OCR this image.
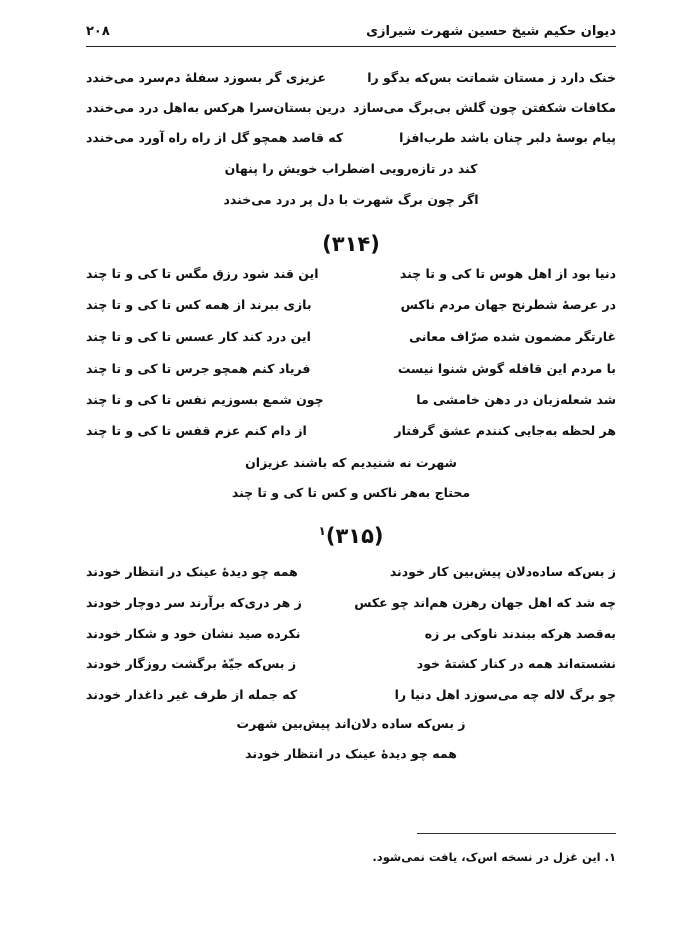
دیوان حکیم شیخ حسین شهرت شیرازی
۲۰۸
خنک دارد ز مستان شماتت بس‌که بدگو را
عزیزی گر بسوزد سفلهٔ دم‌سرد می‌خندد
مکافات شکفتن چون گلش بی‌برگ می‌سازد
درین بستان‌سرا هرکس به‌اهل درد می‌خندد
پیام بوسهٔ دلبر چنان باشد طرب‌افزا
که قاصد همچو گل از راه راه آورد می‌خندد
کند در تازه‌رویی اضطراب خویش را پنهان
اگر چون برگ شهرت با دل پر درد می‌خندد
(۳۱۴)
دنیا بود از اهل هوس تا کی و تا چند
این قند شود رزق مگس تا کی و تا چند
در عرصهٔ شطرنج جهان مردم ناکس
بازی ببرند از همه کس تا کی و تا چند
غارتگر مضمون شده صرّاف معانی
این درد کند کار عسس تا کی و تا چند
با مردم این قافله گوش شنوا نیست
فریاد کنم همچو جرس تا کی و تا چند
شد شعله‌زبان در دهن خامشی ما
چون شمع بسوزیم نفس تا کی و تا چند
هر لحظه به‌جایی کنندم عشق گرفتار
از دام کنم عزم قفس تا کی و تا چند
شهرت نه شنیدیم که باشند عزیزان
محتاج به‌هر ناکس و کس تا کی و تا چند
(۳۱۵)$^۱$
ز بس‌که ساده‌دلان پیش‌بین کار خودند
همه چو دیدهٔ عینک در انتظار خودند
چه شد که اهل جهان رهزن هم‌اند چو عکس
ز هر دری‌که برآرند سر دوچار خودند
به‌قصد هرکه ببندند ناوکی بر زه
نکرده صید نشان خود و شکار خودند
نشسته‌اند همه در کنار کشتهٔ خود
ز بس‌که جیّهٔ برگشت روزگار خودند
چو برگ لاله چه می‌سوزد اهل دنیا را
که جمله از طرف غیر داغدار خودند
ز بس‌که ساده دلان‌اند پیش‌بین شهرت
همه چو دیدهٔ عینک در انتظار خودند
۱. این غزل در نسخه اس‌ک، یافت نمی‌شود.
